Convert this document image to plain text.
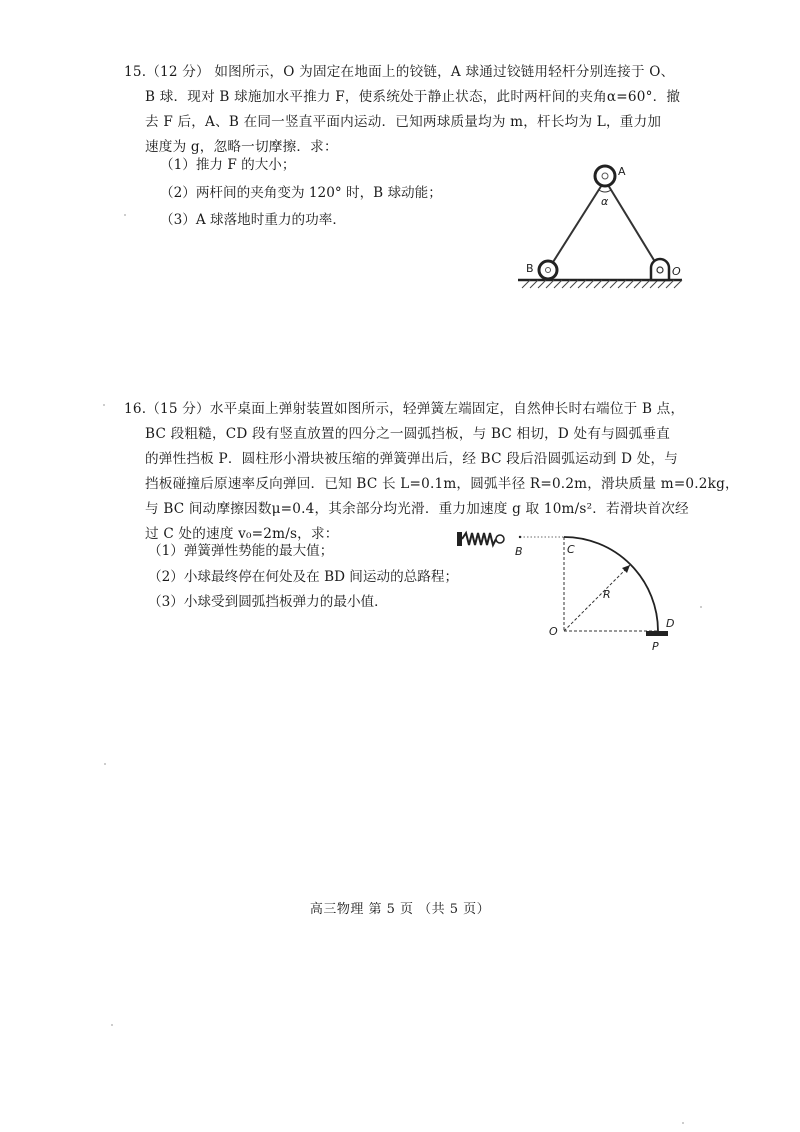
15.（12 分） 如图所示，O 为固定在地面上的铰链，A 球通过铰链用轻杆分别连接于 O、
B 球．现对 B 球施加水平推力 F，使系统处于静止状态，此时两杆间的夹角α=60°．撤
去 F 后，A、B 在同一竖直平面内运动．已知两球质量均为 m，杆长均为 L，重力加
速度为 g，忽略一切摩擦．求：
（1）推力 F 的大小；
（2）两杆间的夹角变为 120° 时，B 球动能；
（3）A 球落地时重力的功率．
A
α
B	O
16.（15 分）水平桌面上弹射装置如图所示，轻弹簧左端固定，自然伸长时右端位于 B 点，
BC 段粗糙，CD 段有竖直放置的四分之一圆弧挡板，与 BC 相切，D 处有与圆弧垂直
的弹性挡板 P．圆柱形小滑块被压缩的弹簧弹出后，经 BC 段后沿圆弧运动到 D 处，与
挡板碰撞后原速率反向弹回．已知 BC 长 L=0.1m，圆弧半径 R=0.2m，滑块质量 m=0.2kg，
与 BC 间动摩擦因数μ=0.4，其余部分均光滑．重力加速度 g 取 10m/s²．若滑块首次经
过 C 处的速度 v₀=2m/s，求：
（1）弹簧弹性势能的最大值；
（2）小球最终停在何处及在 BD 间运动的总路程；
（3）小球受到圆弧挡板弹力的最小值．
B	C
R
O
D
P
高三物理 第 5 页 （共 5 页）
